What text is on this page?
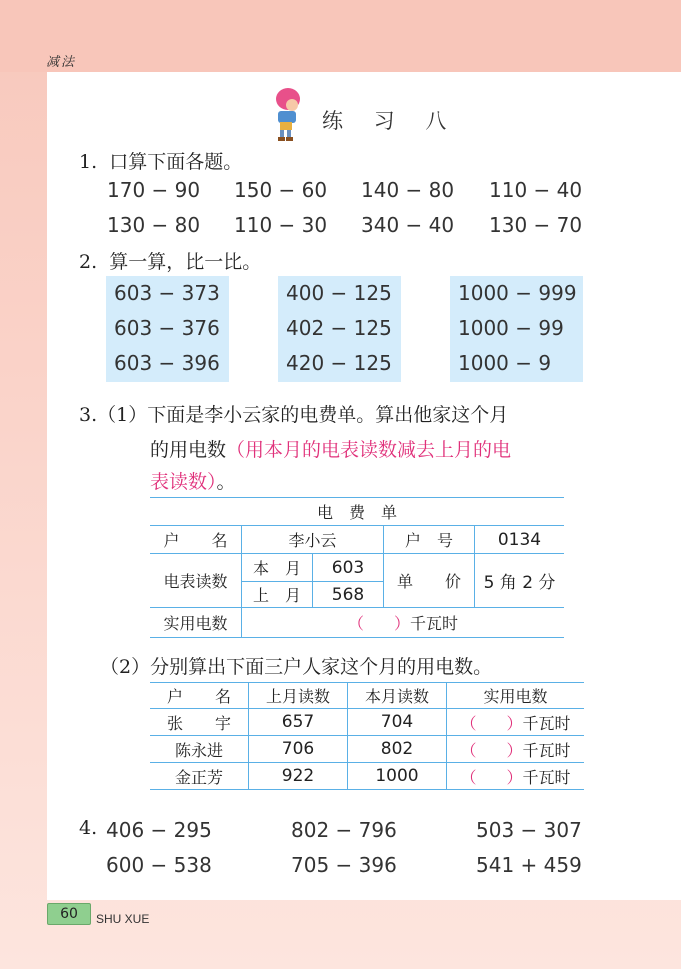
减法
练 习 八
1. 口算下面各题。
170 − 90 150 − 60 140 − 80 110 − 40
130 − 80 110 − 30 340 − 40 130 − 70
2. 算一算，比一比。
603 − 373
603 − 376
603 − 396
400 − 125
402 − 125
420 − 125
1000 − 999
1000 − 99
1000 − 9
3.（1）下面是李小云家的电费单。算出他家这个月
的用电数（用本月的电表读数减去上月的电
表读数）。
电　费　单				
户　　名	李小云		户　号	0134
电表读数	本　月	603	单　　价	5 角 2 分
	上　月	568		
实用电数	（ ）千瓦时			
（2）分别算出下面三户人家这个月的用电数。
户　　名	上月读数	本月读数	实用电数
张　　宇	657	704	（ ）千瓦时
陈永进	706	802	（ ）千瓦时
金正芳	922	1000	（ ）千瓦时
4. 406 − 295	802 − 796	503 − 307
600 − 538	705 − 396	541 + 459
60	SHU XUE
